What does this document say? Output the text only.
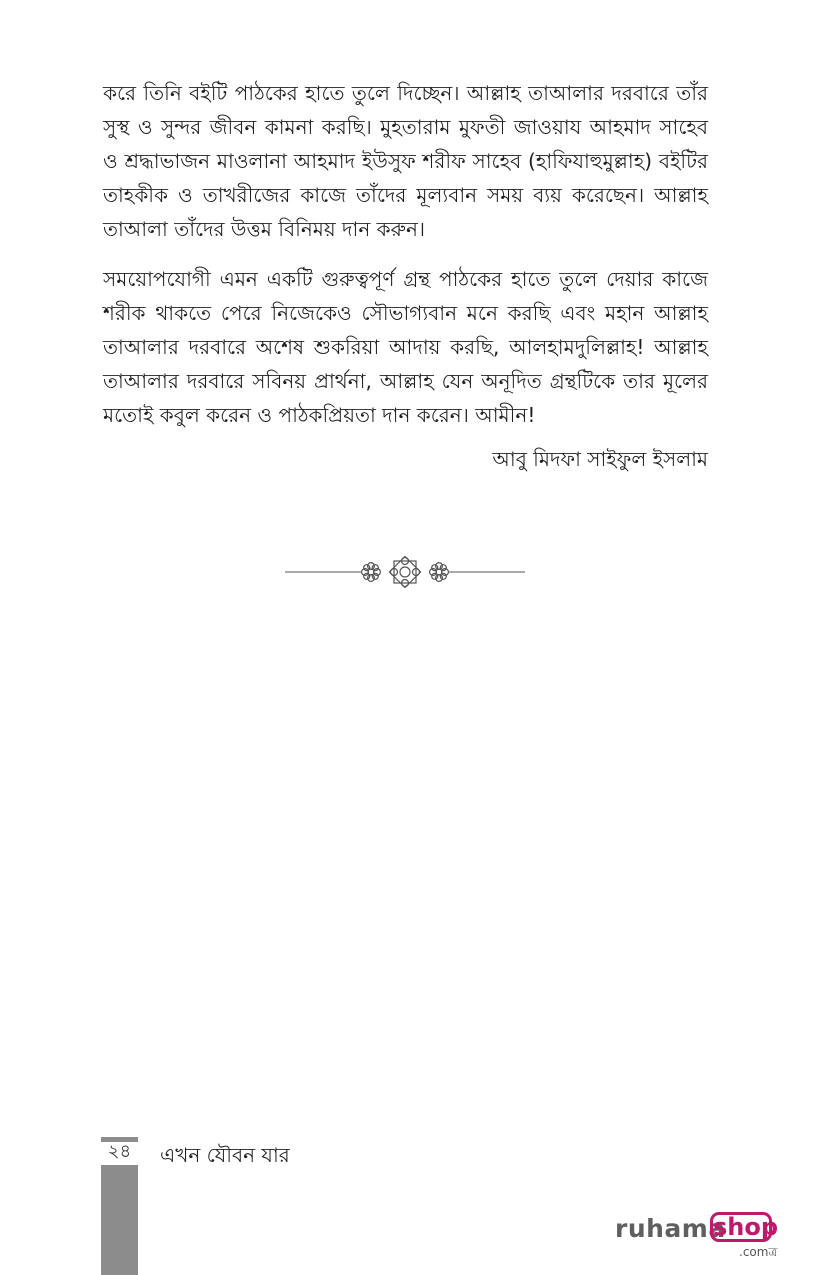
করে তিনি বইটি পাঠকের হাতে তুলে দিচ্ছেন। আল্লাহ তাআলার দরবারে তাঁর সুস্থ ও সুন্দর জীবন কামনা করছি। মুহতারাম মুফতী জাওয়ায আহমাদ সাহেব ও শ্রদ্ধাভাজন মাওলানা আহমাদ ইউসুফ শরীফ সাহেব (হাফিযাহুমুল্লাহ) বইটির তাহকীক ও তাখরীজের কাজে তাঁদের মূল্যবান সময় ব্যয় করেছেন। আল্লাহ তাআলা তাঁদের উত্তম বিনিময় দান করুন।

সময়োপযোগী এমন একটি গুরুত্বপূর্ণ গ্রন্থ পাঠকের হাতে তুলে দেয়ার কাজে শরীক থাকতে পেরে নিজেকেও সৌভাগ্যবান মনে করছি এবং মহান আল্লাহ তাআলার দরবারে অশেষ শুকরিয়া আদায় করছি, আলহামদুলিল্লাহ! আল্লাহ তাআলার দরবারে সবিনয় প্রার্থনা, আল্লাহ যেন অনূদিত গ্রন্থটিকে তার মূলের মতোই কবুল করেন ও পাঠকপ্রিয়তা দান করেন। আমীন!

আবু মিদফা সাইফুল ইসলাম

২৪	এখন যৌবন যার
ruhama
shop
.comত্র
